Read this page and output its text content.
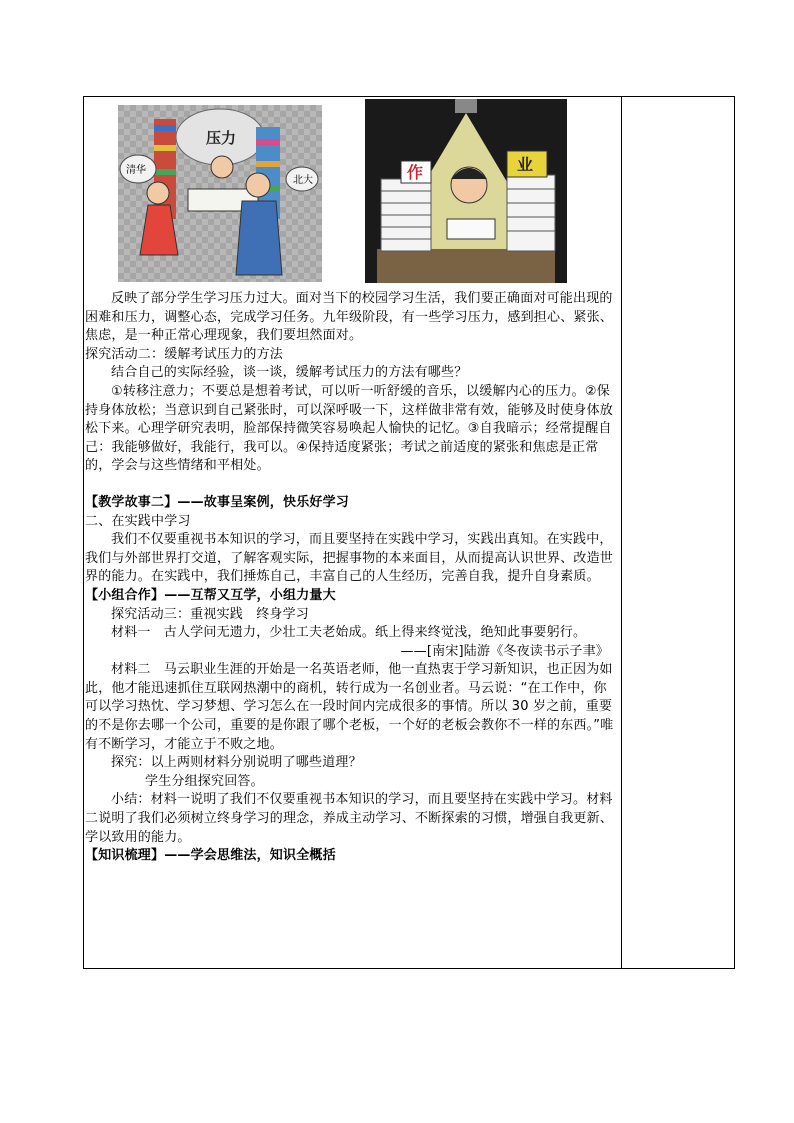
压力
清华
北大	作	业

反映了部分学生学习压力过大。面对当下的校园学习生活，我们要正确面对可能出现的困难和压力，调整心态，完成学习任务。九年级阶段，有一些学习压力，感到担心、紧张、焦虑，是一种正常心理现象，我们要坦然面对。

探究活动二：缓解考试压力的方法

结合自己的实际经验，谈一谈，缓解考试压力的方法有哪些？

①转移注意力；不要总是想着考试，可以听一听舒缓的音乐，以缓解内心的压力。②保持身体放松；当意识到自己紧张时，可以深呼吸一下，这样做非常有效，能够及时使身体放松下来。心理学研究表明，脸部保持微笑容易唤起人愉快的记忆。③自我暗示；经常提醒自己：我能够做好，我能行，我可以。④保持适度紧张；考试之前适度的紧张和焦虑是正常的，学会与这些情绪和平相处。

【教学故事二】——故事呈案例，快乐好学习

二、在实践中学习

我们不仅要重视书本知识的学习，而且要坚持在实践中学习，实践出真知。在实践中，我们与外部世界打交道，了解客观实际，把握事物的本来面目，从而提高认识世界、改造世界的能力。在实践中，我们捶炼自己，丰富自己的人生经历，完善自我，提升自身素质。

【小组合作】——互帮又互学，小组力量大

探究活动三：重视实践　终身学习

材料一　古人学问无遗力，少壮工夫老始成。纸上得来终觉浅，绝知此事要躬行。

——[南宋]陆游《冬夜读书示子聿》

材料二　马云职业生涯的开始是一名英语老师，他一直热衷于学习新知识，也正因为如此，他才能迅速抓住互联网热潮中的商机，转行成为一名创业者。马云说：“在工作中，你可以学习热忱、学习梦想、学习怎么在一段时间内完成很多的事情。所以 30 岁之前，重要的不是你去哪一个公司，重要的是你跟了哪个老板，一个好的老板会教你不一样的东西。”唯有不断学习，才能立于不败之地。

探究：以上两则材料分别说明了哪些道理？

学生分组探究回答。

小结：材料一说明了我们不仅要重视书本知识的学习，而且要坚持在实践中学习。材料二说明了我们必须树立终身学习的理念，养成主动学习、不断探索的习惯，增强自我更新、学以致用的能力。

【知识梳理】——学会思维法，知识全概括
